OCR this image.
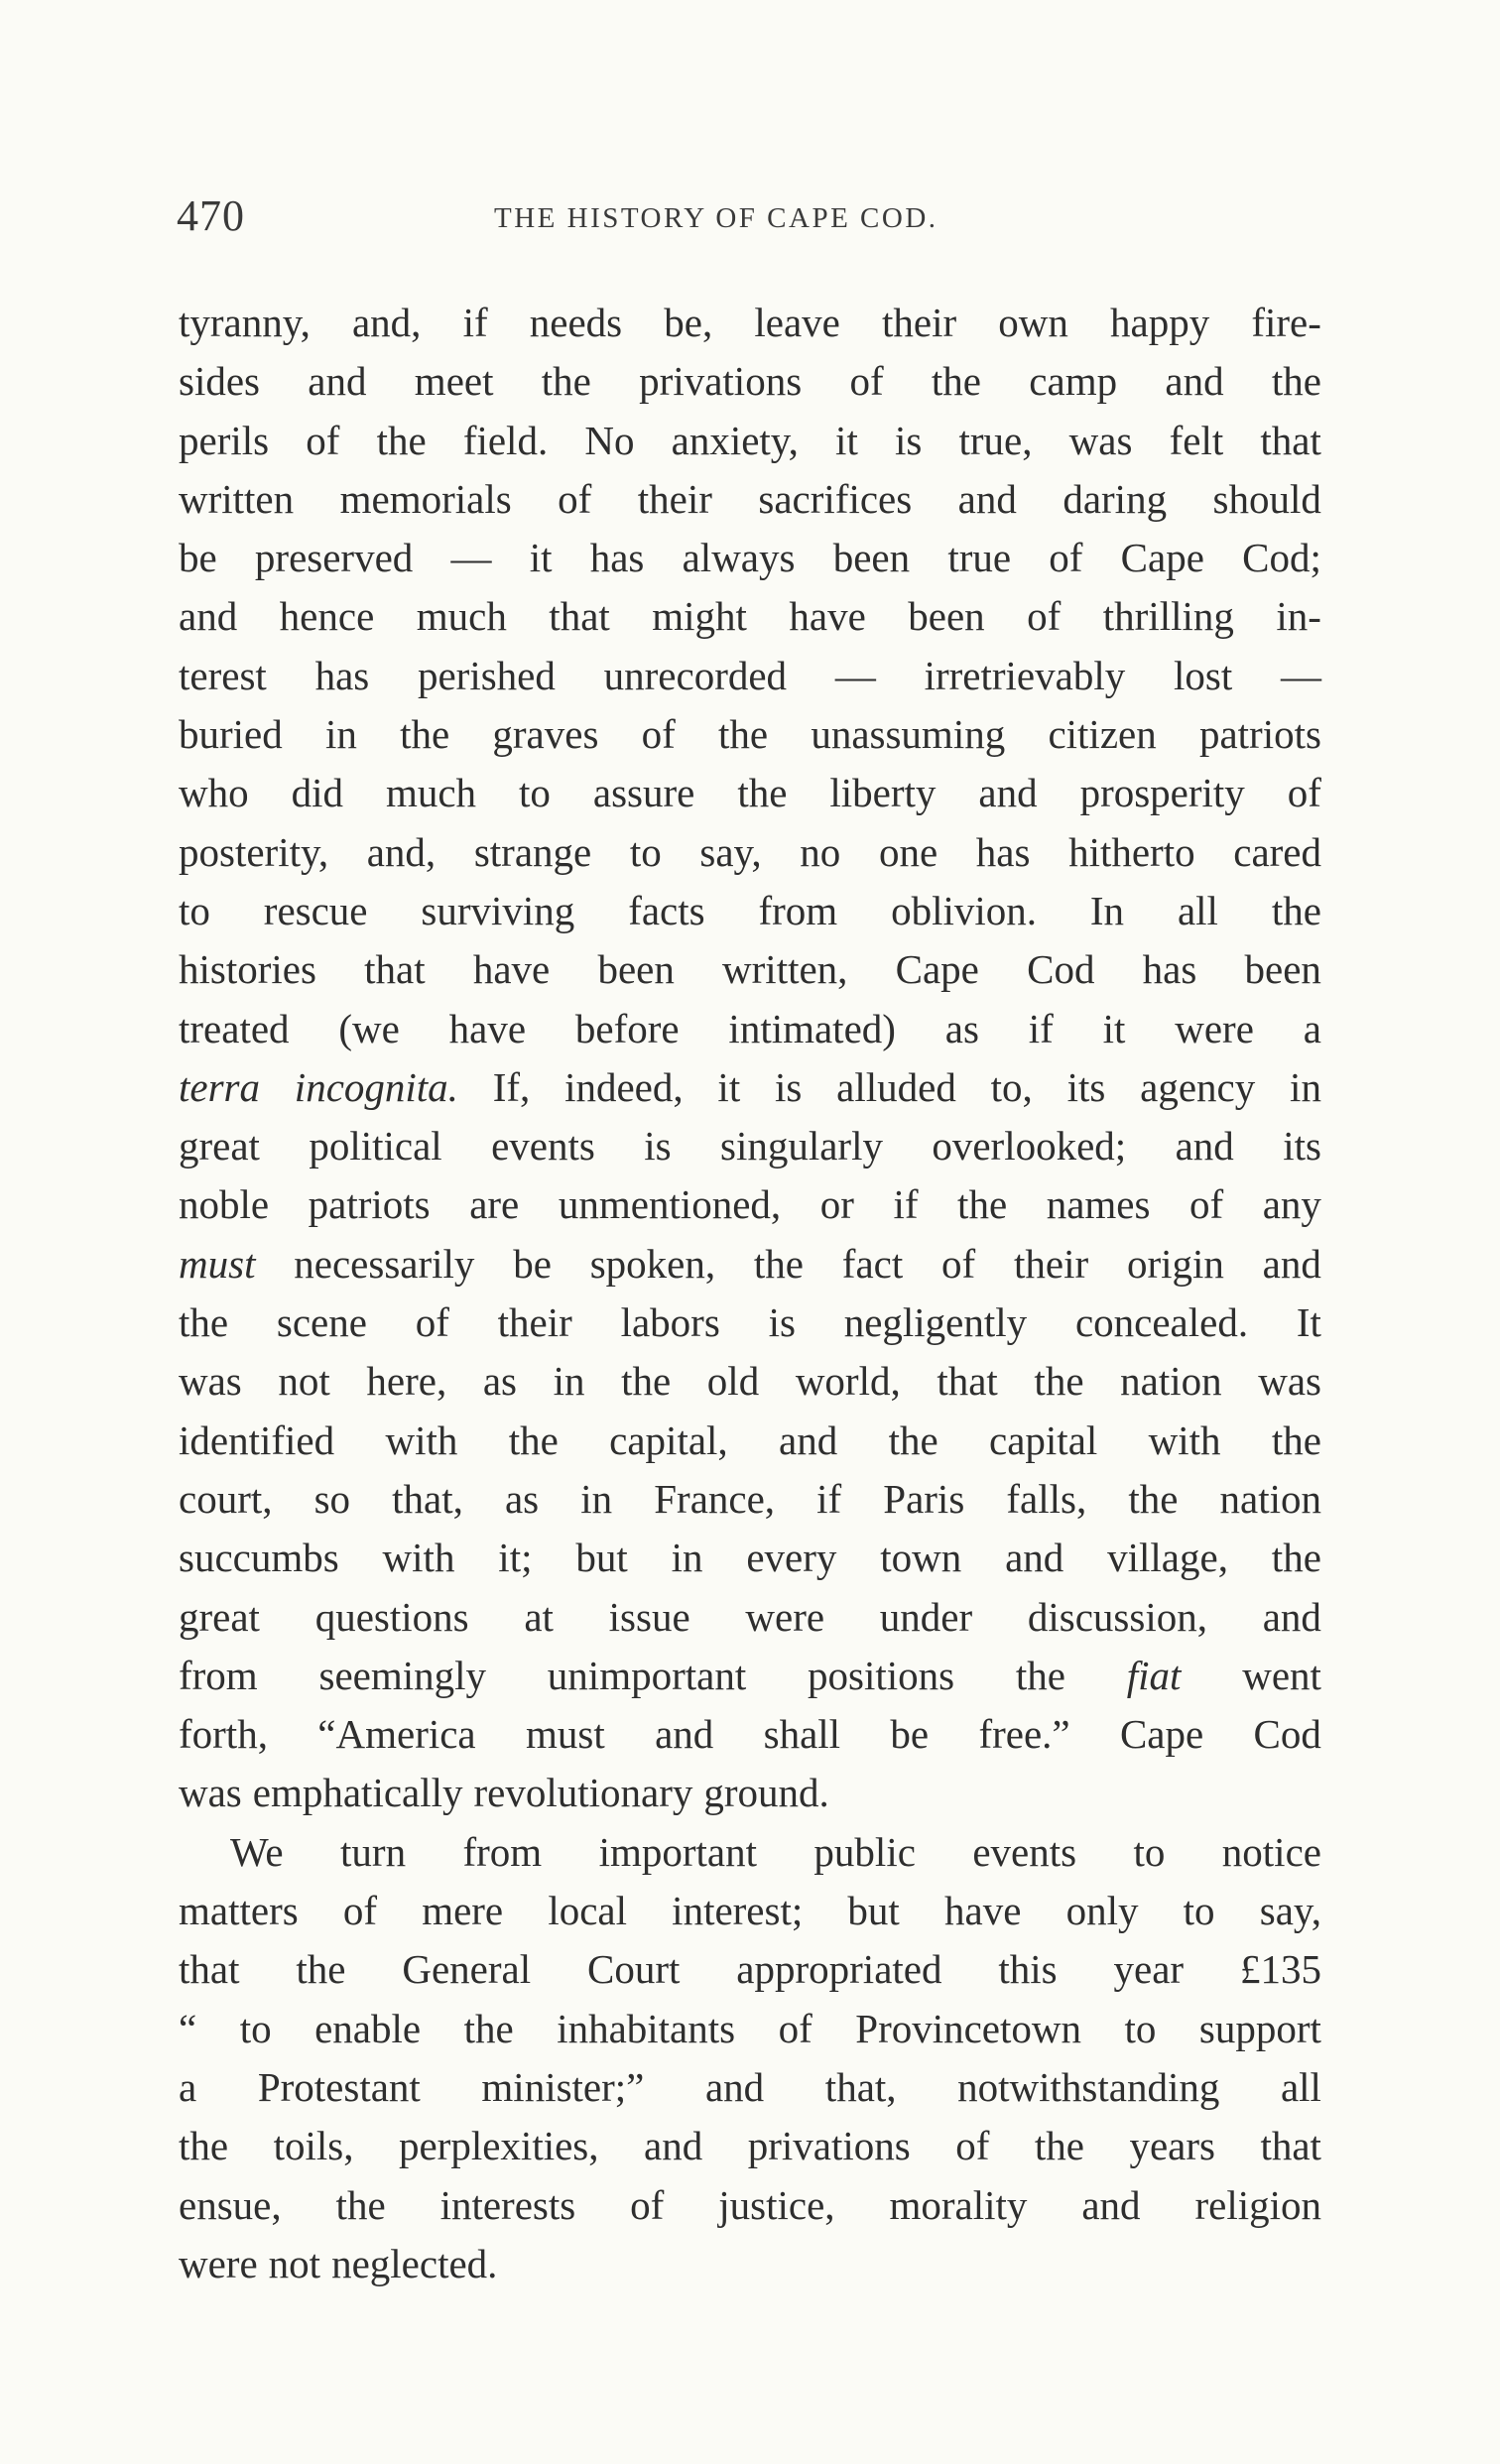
470	THE HISTORY OF CAPE COD.
tyranny, and, if needs be, leave their own happy fire-
sides and meet the privations of the camp and the
perils of the field. No anxiety, it is true, was felt that
written memorials of their sacrifices and daring should
be preserved — it has always been true of Cape Cod;
and hence much that might have been of thrilling in-
terest has perished unrecorded — irretrievably lost —
buried in the graves of the unassuming citizen patriots
who did much to assure the liberty and prosperity of
posterity, and, strange to say, no one has hitherto cared
to rescue surviving facts from oblivion. In all the
histories that have been written, Cape Cod has been
treated (we have before intimated) as if it were a
terra incognita. If, indeed, it is alluded to, its agency in
great political events is singularly overlooked; and its
noble patriots are unmentioned, or if the names of any
must necessarily be spoken, the fact of their origin and
the scene of their labors is negligently concealed. It
was not here, as in the old world, that the nation was
identified with the capital, and the capital with the
court, so that, as in France, if Paris falls, the nation
succumbs with it; but in every town and village, the
great questions at issue were under discussion, and
from seemingly unimportant positions the fiat went
forth, “America must and shall be free.” Cape Cod
was emphatically revolutionary ground.
We turn from important public events to notice
matters of mere local interest; but have only to say,
that the General Court appropriated this year £135
“ to enable the inhabitants of Provincetown to support
a Protestant minister;” and that, notwithstanding all
the toils, perplexities, and privations of the years that
ensue, the interests of justice, morality and religion
were not neglected.
